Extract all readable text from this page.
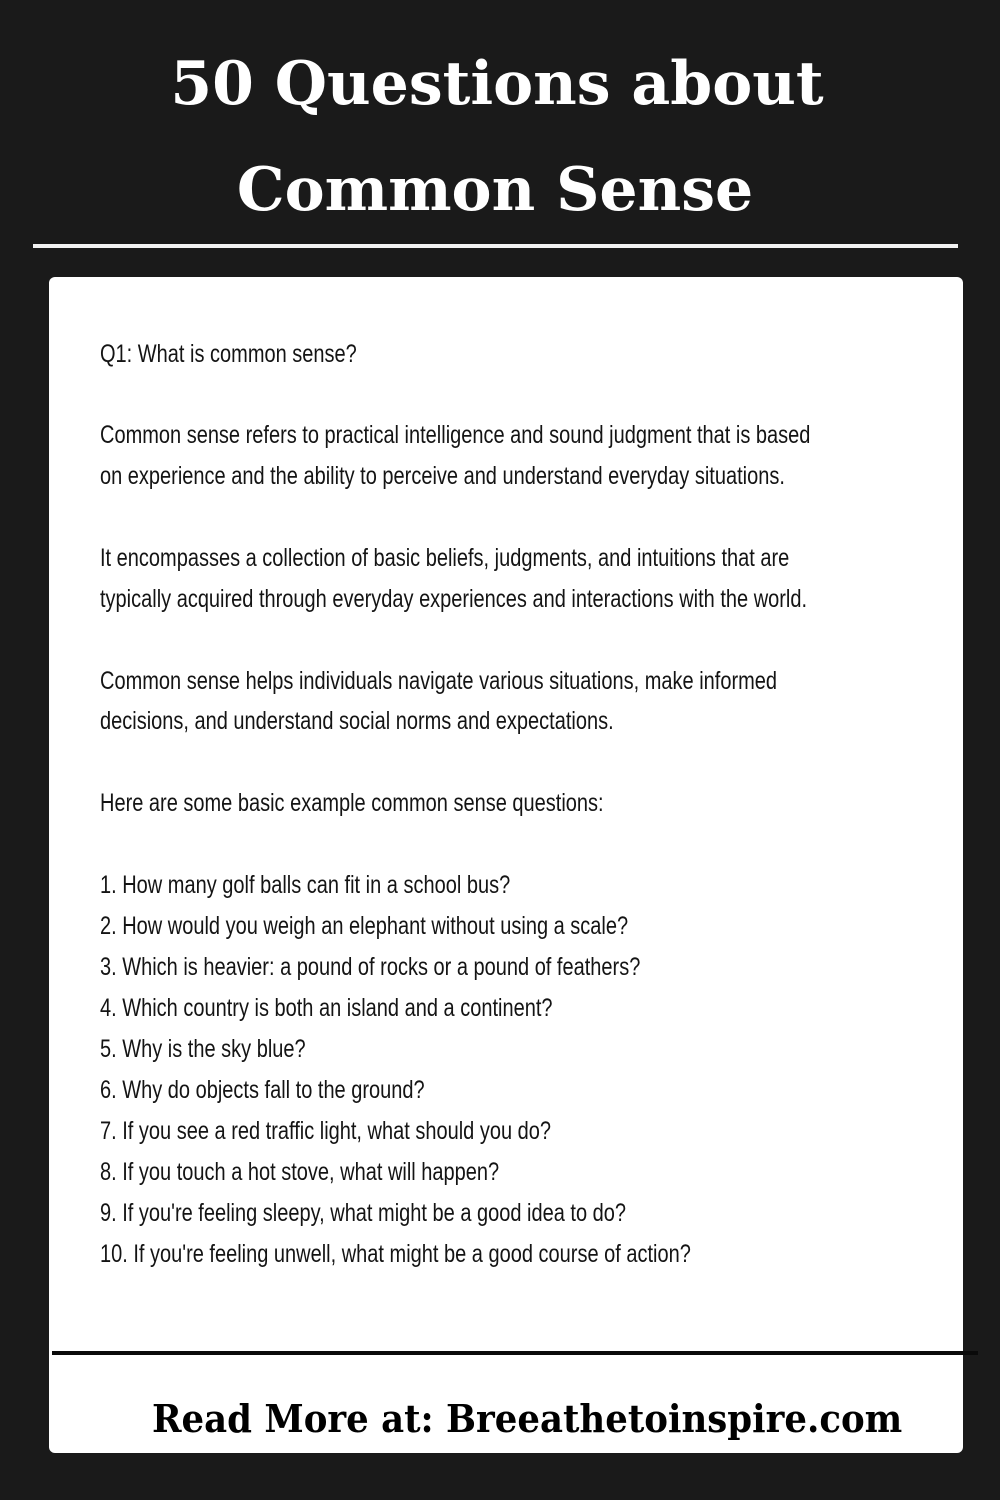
50 Questions about
Common Sense
Q1: What is common sense?
Common sense refers to practical intelligence and sound judgment that is based
on experience and the ability to perceive and understand everyday situations.
It encompasses a collection of basic beliefs, judgments, and intuitions that are
typically acquired through everyday experiences and interactions with the world.
Common sense helps individuals navigate various situations, make informed
decisions, and understand social norms and expectations.
Here are some basic example common sense questions:
1. How many golf balls can fit in a school bus?
2. How would you weigh an elephant without using a scale?
3. Which is heavier: a pound of rocks or a pound of feathers?
4. Which country is both an island and a continent?
5. Why is the sky blue?
6. Why do objects fall to the ground?
7. If you see a red traffic light, what should you do?
8. If you touch a hot stove, what will happen?
9. If you're feeling sleepy, what might be a good idea to do?
10. If you're feeling unwell, what might be a good course of action?
Read More at: Breeathetoinspire.com
